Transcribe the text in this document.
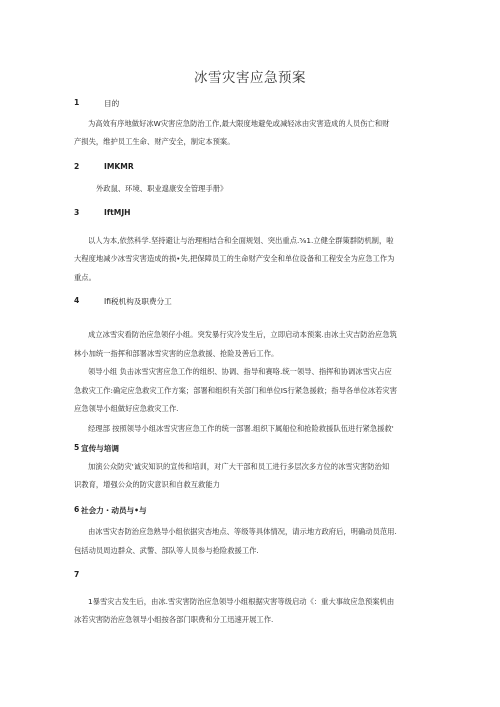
冰雪灾害应急预案
1	目的
为高效有序地做好冰W灾害应急防治工作,最大限度地避免或减轻冰由灾害造成的人员伤亡和财
产损失，维护员工生命、财产安全，制定本预案。
2	IMKMR
外政鼠、环境、职业遑康安全管理手册》
3	IftMJH
以人为本,依然科学.坚持避让与治理相结合和全面规划、突出重点.⅝1.立健全群策群防机制，啦
大程度地减少冰雪灾害造成的损•失,把保障员工的生命财产安全和单位设备和工程安全为应急工作为
重点。
4	Ifi税机构及职费分工
成立冰雪灾看防治应急领仔小组。突发暴行灾冷发生后，立即启动本预案.由冰土灾吉防治应急筑
林小加统一指挥和部署冰雪灾害的应急救援、抢险及善后工作。
领导小组 负击冰雪灾害应急工作的组织、协调、指导和赛咯.统一领导、指挥和协调冰雪灾占应
急救灾工作:确定应急救灾工作方案；部署和组织有关部门和单位IS行紧急援救；指导各单位冰若灾害
应急领导小组做好应急救灾工作.
经理部 按照领导小组冰雪灾害应急工作的统一部署.组织下属船位和抢险救援队伍进行紧急援救'
5 宣传与培调
加演公众防灾'诚灾知识的宣传和培训，对广大干部和员工进行多层次多方位的冰雪灾害防治知
识教育，增强公众的防灾意识和自救互救能力
6 社会力・动员与•与
由冰雪灾杏防治应急熟导小组依据灾杏地点、等级等具体情况，请示地方政府后，明确动员范用.
包括动员周边群众、武警、部队等人员参与抢险救援工作.
7
1暴雪灾古发生后，由冰.雪灾害防治应急领导小组根据灾害等级启动《：重大事故应急预案机由
冰若灾害防治应急领导小组按各部门职费和分工迅速开展工作.
